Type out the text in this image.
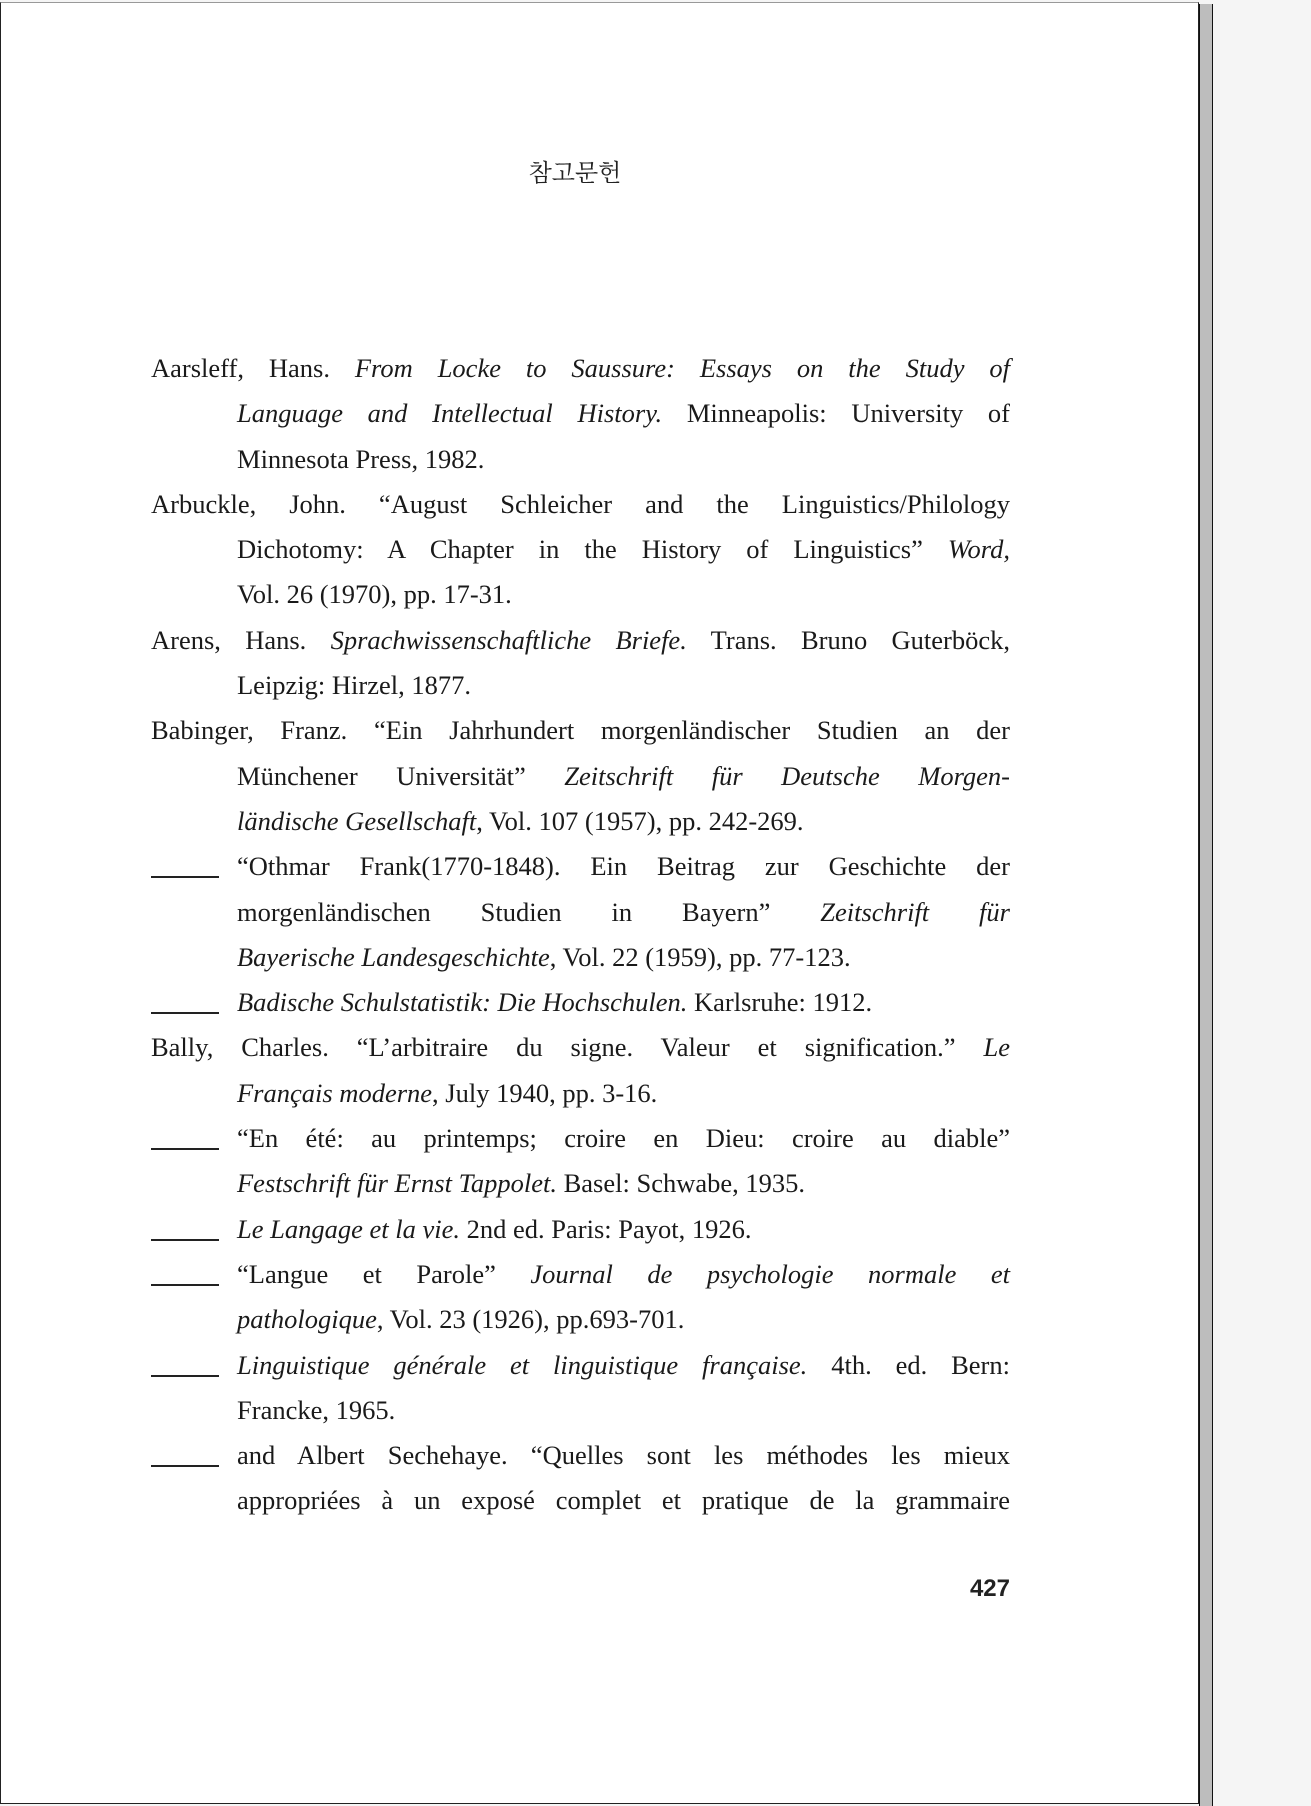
참고문헌
Aarsleff, Hans. From Locke to Saussure: Essays on the Study of
Language and Intellectual History. Minneapolis: University of
Minnesota Press, 1982.
Arbuckle, John. “August Schleicher and the Linguistics/Philology
Dichotomy: A Chapter in the History of Linguistics” Word,
Vol. 26 (1970), pp. 17-31.
Arens, Hans. Sprachwissenschaftliche Briefe. Trans. Bruno Guterböck,
Leipzig: Hirzel, 1877.
Babinger, Franz. “Ein Jahrhundert morgenländischer Studien an der
Münchener Universität” Zeitschrift für Deutsche Morgen-
ländische Gesellschaft, Vol. 107 (1957), pp. 242-269.
“Othmar Frank(1770-1848). Ein Beitrag zur Geschichte der
morgenländischen Studien in Bayern” Zeitschrift für
Bayerische Landesgeschichte, Vol. 22 (1959), pp. 77-123.
Badische Schulstatistik: Die Hochschulen. Karlsruhe: 1912.
Bally, Charles. “L’arbitraire du signe. Valeur et signification.” Le
Français moderne, July 1940, pp. 3-16.
“En été: au printemps; croire en Dieu: croire au diable”
Festschrift für Ernst Tappolet. Basel: Schwabe, 1935.
Le Langage et la vie. 2nd ed. Paris: Payot, 1926.
“Langue et Parole” Journal de psychologie normale et
pathologique, Vol. 23 (1926), pp.693-701.
Linguistique générale et linguistique française. 4th. ed. Bern:
Francke, 1965.
and Albert Sechehaye. “Quelles sont les méthodes les mieux
appropriées à un exposé complet et pratique de la grammaire
427
